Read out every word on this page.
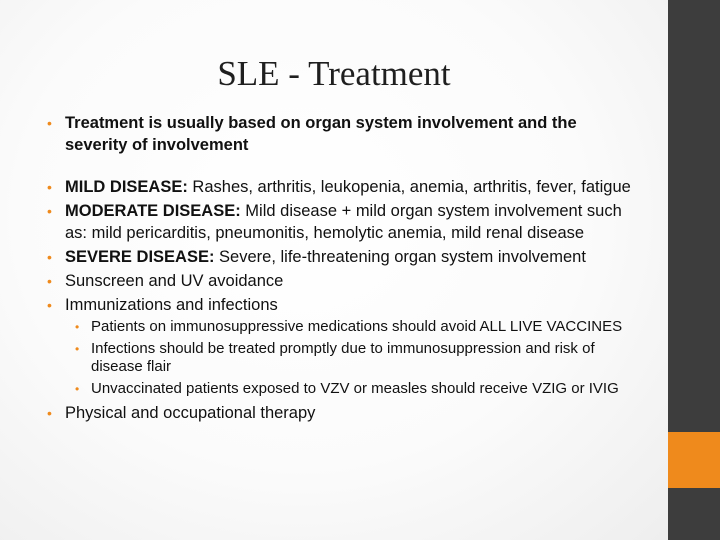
SLE - Treatment
• Treatment is usually based on organ system involvement and the severity of involvement
• MILD DISEASE: Rashes, arthritis, leukopenia, anemia, arthritis, fever, fatigue
• MODERATE DISEASE: Mild disease + mild organ system involvement such as: mild pericarditis, pneumonitis, hemolytic anemia, mild renal disease
• SEVERE DISEASE: Severe, life-threatening organ system involvement
• Sunscreen and UV avoidance
• Immunizations and infections
• Patients on immunosuppressive medications should avoid ALL LIVE VACCINES
• Infections should be treated promptly due to immunosuppression and risk of disease flair
• Unvaccinated patients exposed to VZV or measles should receive VZIG or IVIG
• Physical and occupational therapy
